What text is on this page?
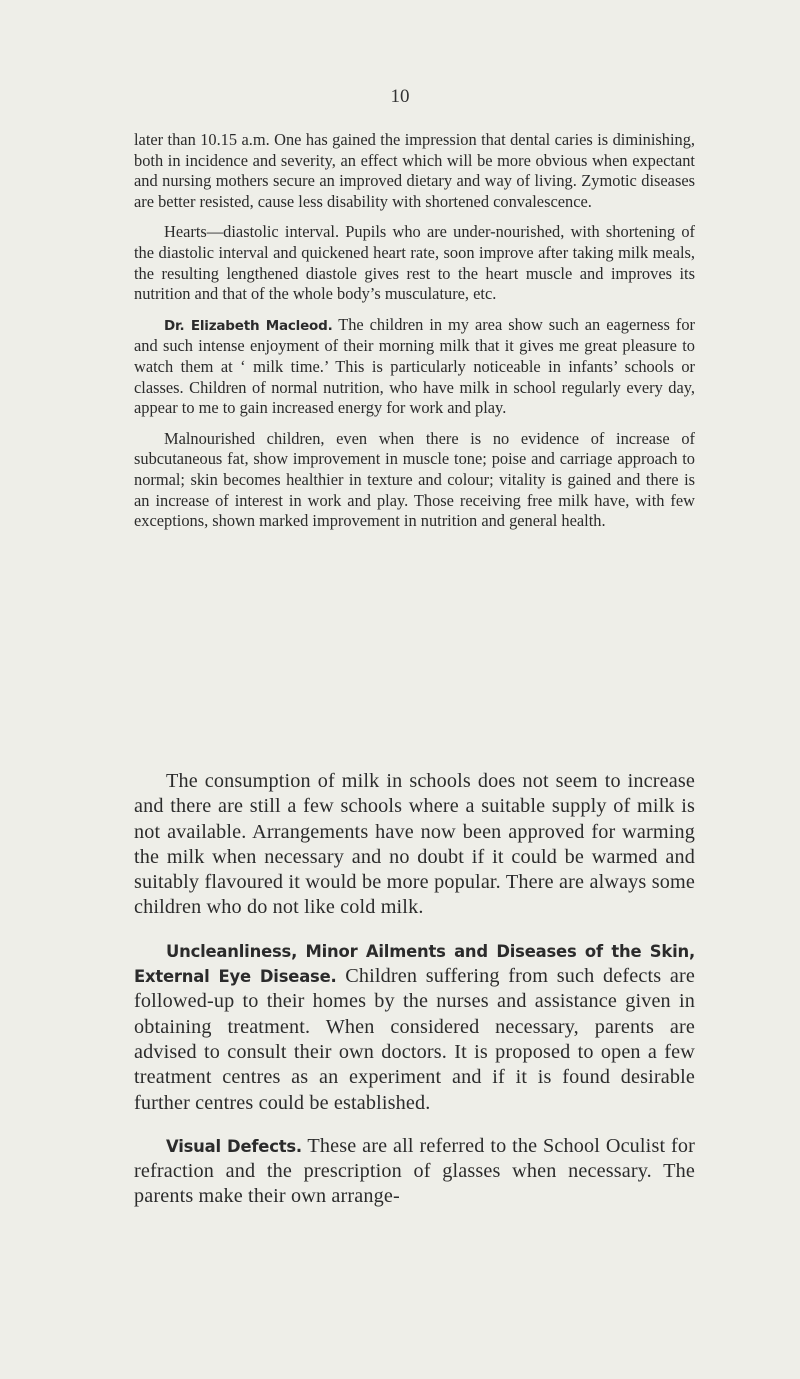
10

later than 10.15 a.m. One has gained the impression that dental caries is diminishing, both in incidence and severity, an effect which will be more obvious when expectant and nursing mothers secure an improved dietary and way of living. Zymotic diseases are better resisted, cause less disability with shortened convalescence.

Hearts—diastolic interval. Pupils who are under-nourished, with shortening of the diastolic interval and quickened heart rate, soon improve after taking milk meals, the resulting lengthened diastole gives rest to the heart muscle and improves its nutrition and that of the whole body’s musculature, etc.

Dr. Elizabeth Macleod. The children in my area show such an eagerness for and such intense enjoyment of their morning milk that it gives me great pleasure to watch them at ‘ milk time.’ This is particularly noticeable in infants’ schools or classes. Children of normal nutrition, who have milk in school regularly every day, appear to me to gain increased energy for work and play.

Malnourished children, even when there is no evidence of increase of subcutaneous fat, show improvement in muscle tone; poise and carriage approach to normal; skin becomes healthier in texture and colour; vitality is gained and there is an increase of interest in work and play. Those receiving free milk have, with few exceptions, shown marked improvement in nutrition and general health.

The consumption of milk in schools does not seem to increase and there are still a few schools where a suitable supply of milk is not available. Arrangements have now been approved for warming the milk when necessary and no doubt if it could be warmed and suitably flavoured it would be more popular. There are always some children who do not like cold milk.

Uncleanliness, Minor Ailments and Diseases of the Skin, External Eye Disease. Children suffering from such defects are followed-up to their homes by the nurses and assistance given in obtaining treatment. When considered necessary, parents are advised to consult their own doctors. It is proposed to open a few treatment centres as an experiment and if it is found desirable further centres could be established.

Visual Defects. These are all referred to the School Oculist for refraction and the prescription of glasses when necessary. The parents make their own arrange-
